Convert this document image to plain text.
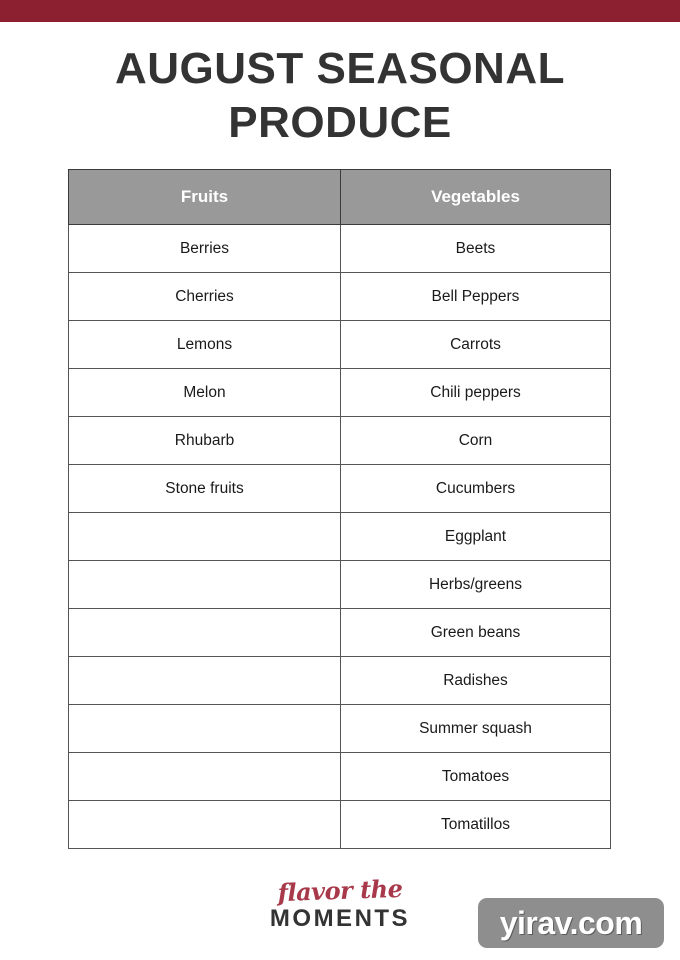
AUGUST SEASONAL
PRODUCE
Fruits	Vegetables
Berries	Beets
Cherries	Bell Peppers
Lemons	Carrots
Melon	Chili peppers
Rhubarb	Corn
Stone fruits	Cucumbers
	Eggplant
	Herbs/greens
	Green beans
	Radishes
	Summer squash
	Tomatoes
	Tomatillos
flavor the
MOMENTS	yirav.com
